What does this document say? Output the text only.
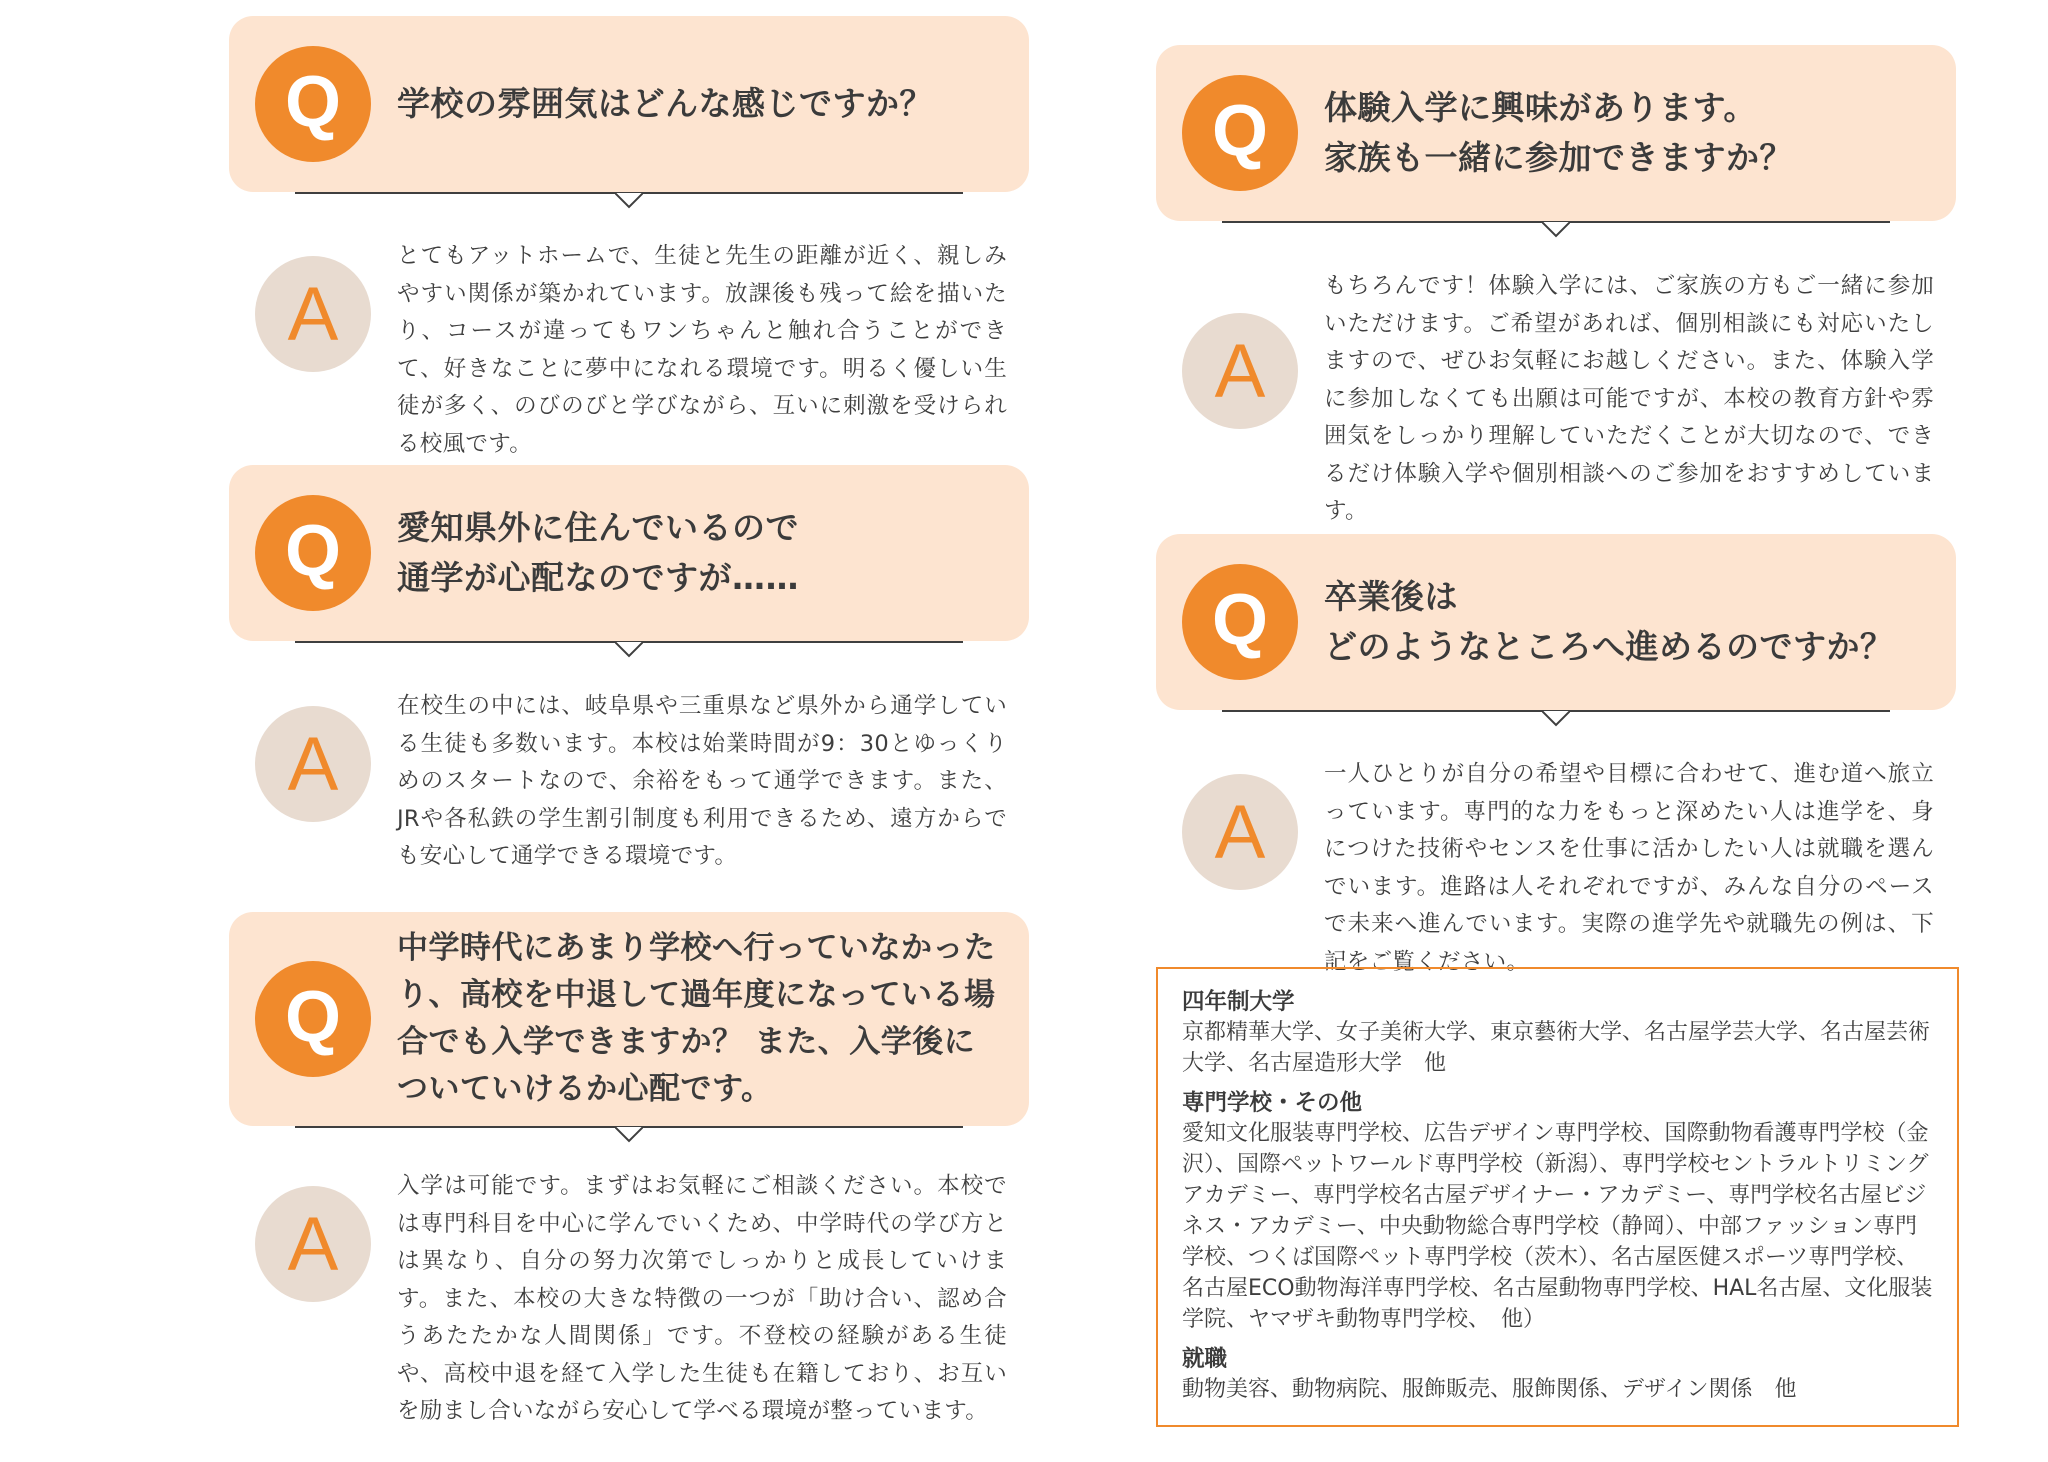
Q 学校の雰囲気はどんな感じですか？
A
とてもアットホームで、生徒と先生の距離が近く、親しみやすい関係が築かれています。放課後も残って絵を描いたり、コースが違ってもワンちゃんと触れ合うことができて、好きなことに夢中になれる環境です。明るく優しい生徒が多く、のびのびと学びながら、互いに刺激を受けられる校風です。
Q 愛知県外に住んでいるので
通学が心配なのですが……
A
在校生の中には、岐阜県や三重県など県外から通学している生徒も多数います。本校は始業時間が9：30とゆっくりめのスタートなので、余裕をもって通学できます。また、JRや各私鉄の学生割引制度も利用できるため、遠方からでも安心して通学できる環境です。
Q
中学時代にあまり学校へ行っていなかったり、高校を中退して過年度になっている場合でも入学できますか？ また、入学後についていけるか心配です。
A
入学は可能です。まずはお気軽にご相談ください。本校では専門科目を中心に学んでいくため、中学時代の学び方とは異なり、自分の努力次第でしっかりと成長していけます。また、本校の大きな特徴の一つが「助け合い、認め合うあたたかな人間関係」です。不登校の経験がある生徒や、高校中退を経て入学した生徒も在籍しており、お互いを励まし合いながら安心して学べる環境が整っています。
Q 体験入学に興味があります。
家族も一緒に参加できますか？
A
もちろんです！体験入学には、ご家族の方もご一緒に参加いただけます。ご希望があれば、個別相談にも対応いたしますので、ぜひお気軽にお越しください。また、体験入学に参加しなくても出願は可能ですが、本校の教育方針や雰囲気をしっかり理解していただくことが大切なので、できるだけ体験入学や個別相談へのご参加をおすすめしています。
Q 卒業後は
どのようなところへ進めるのですか？
A
一人ひとりが自分の希望や目標に合わせて、進む道へ旅立っています。専門的な力をもっと深めたい人は進学を、身につけた技術やセンスを仕事に活かしたい人は就職を選んでいます。進路は人それぞれですが、みんな自分のペースで未来へ進んでいます。実際の進学先や就職先の例は、下記をご覧ください。
四年制大学
京都精華大学、女子美術大学、東京藝術大学、名古屋学芸大学、名古屋芸術大学、名古屋造形大学　他
専門学校・その他
愛知文化服装専門学校、広告デザイン専門学校、国際動物看護専門学校（金沢）、国際ペットワールド専門学校（新潟）、専門学校セントラルトリミングアカデミー、専門学校名古屋デザイナー・アカデミー、専門学校名古屋ビジネス・アカデミー、中央動物総合専門学校（静岡）、中部ファッション専門学校、つくば国際ペット専門学校（茨木）、名古屋医健スポーツ専門学校、名古屋ECO動物海洋専門学校、名古屋動物専門学校、HAL名古屋、文化服装学院、ヤマザキ動物専門学校、　他）
就職
動物美容、動物病院、服飾販売、服飾関係、デザイン関係　他
